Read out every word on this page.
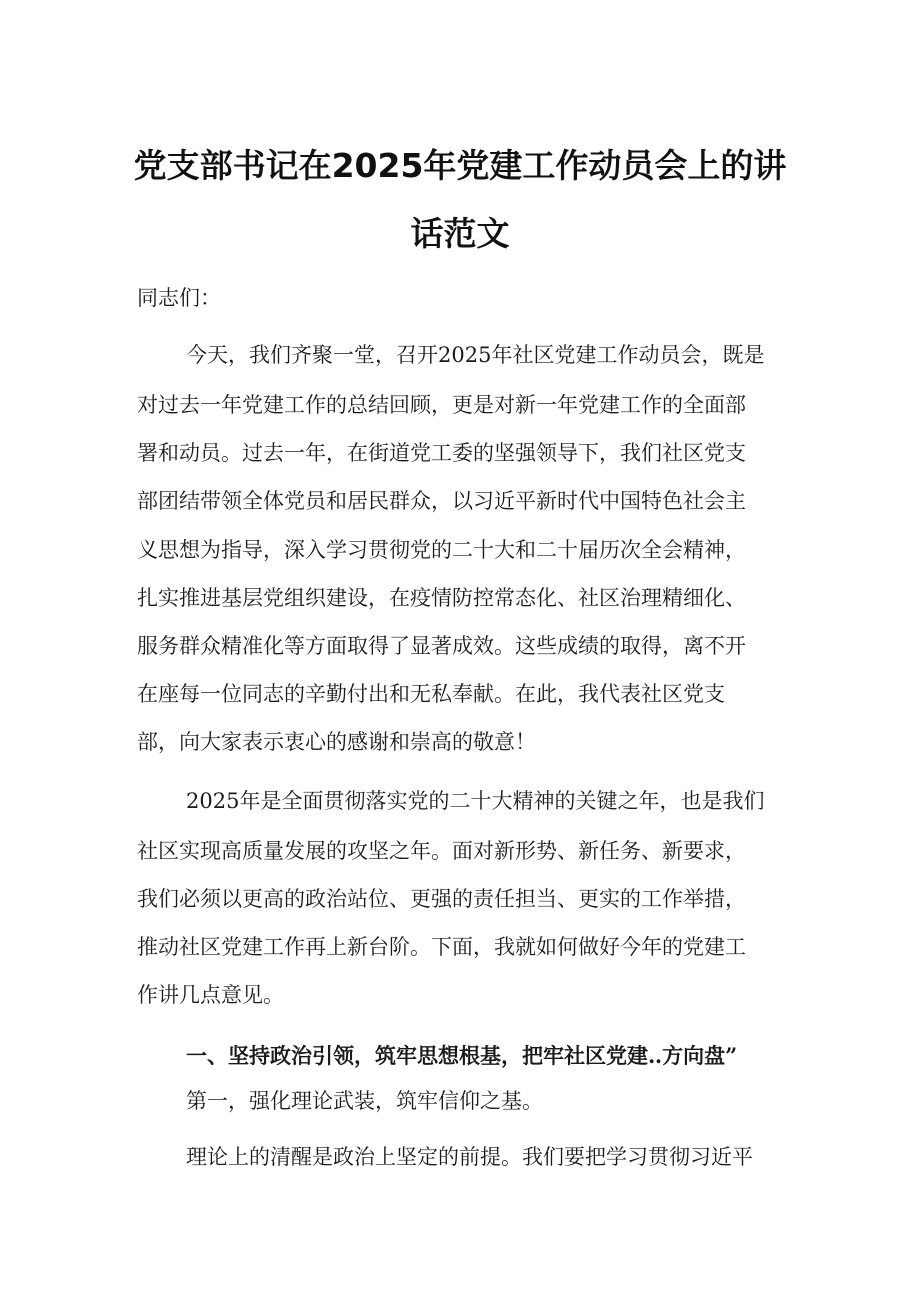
党支部书记在2025年党建工作动员会上的讲
话范文
同志们：
今天，我们齐聚一堂，召开2025年社区党建工作动员会，既是
对过去一年党建工作的总结回顾，更是对新一年党建工作的全面部
署和动员。过去一年，在街道党工委的坚强领导下，我们社区党支
部团结带领全体党员和居民群众，以习近平新时代中国特色社会主
义思想为指导，深入学习贯彻党的二十大和二十届历次全会精神，
扎实推进基层党组织建设，在疫情防控常态化、社区治理精细化、
服务群众精准化等方面取得了显著成效。这些成绩的取得，离不开
在座每一位同志的辛勤付出和无私奉献。在此，我代表社区党支
部，向大家表示衷心的感谢和崇高的敬意！
2025年是全面贯彻落实党的二十大精神的关键之年，也是我们
社区实现高质量发展的攻坚之年。面对新形势、新任务、新要求，
我们必须以更高的政治站位、更强的责任担当、更实的工作举措，
推动社区党建工作再上新台阶。下面，我就如何做好今年的党建工
作讲几点意见。
一、坚持政治引领，筑牢思想根基，把牢社区党建‥方向盘”
第一，强化理论武装，筑牢信仰之基。
理论上的清醒是政治上坚定的前提。我们要把学习贯彻习近平
